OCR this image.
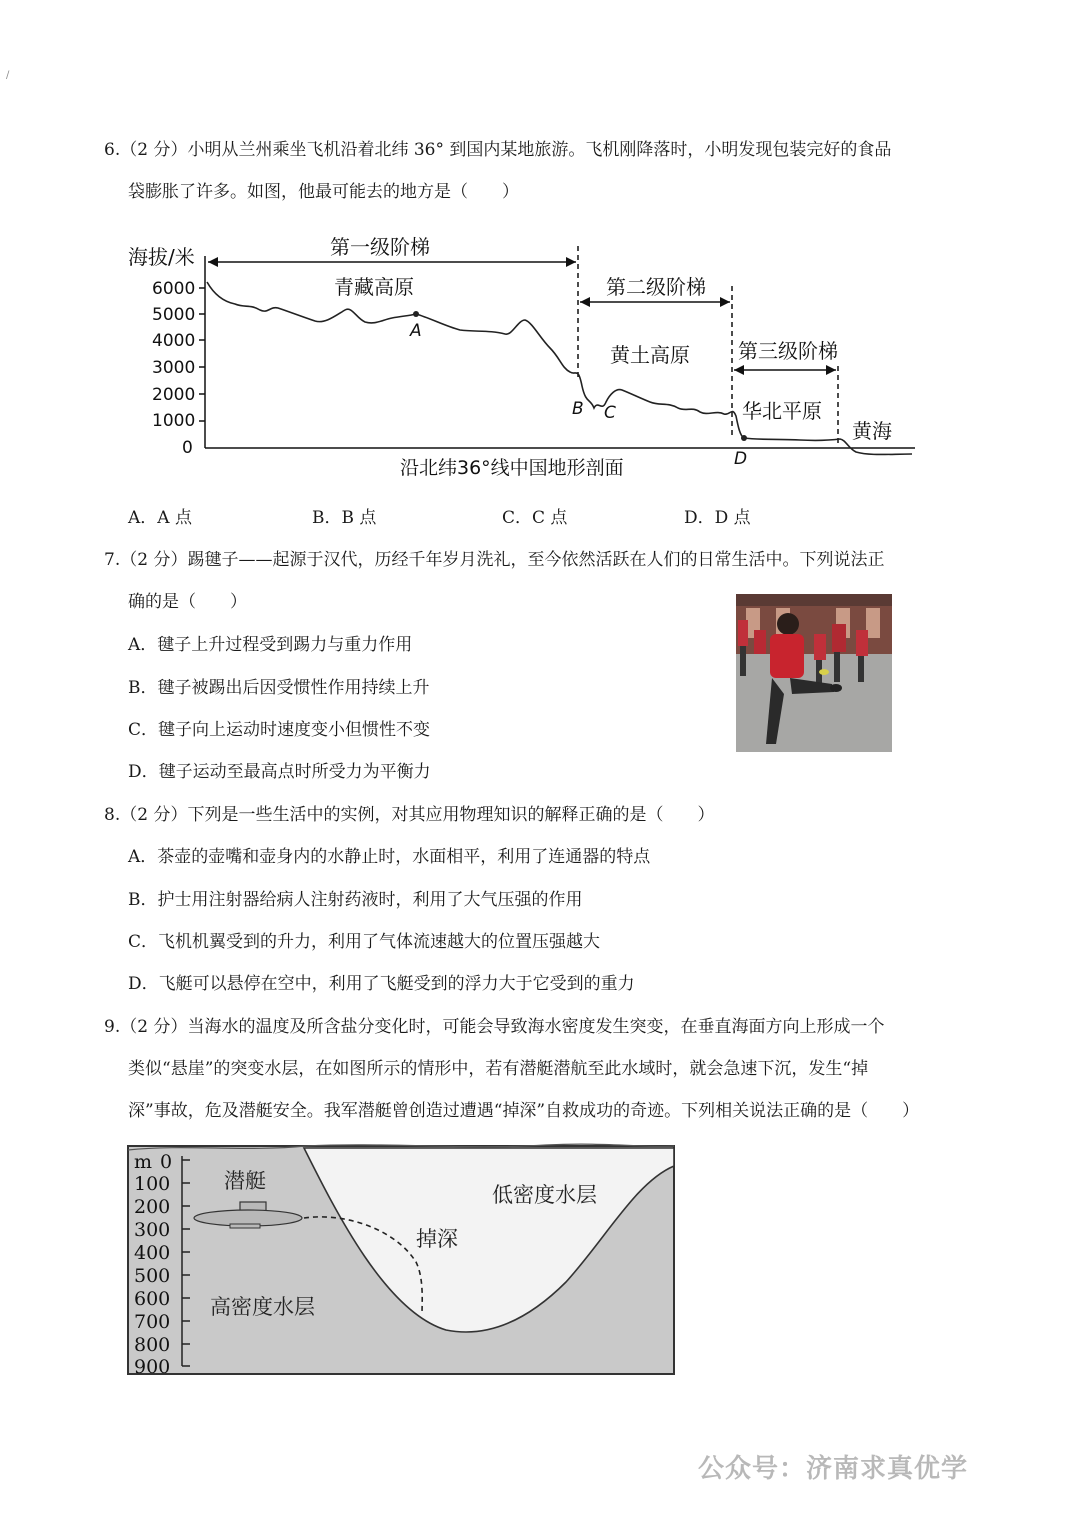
/
6.（2 分）小明从兰州乘坐飞机沿着北纬 36° 到国内某地旅游。飞机刚降落时，小明发现包装完好的食品
袋膨胀了许多。如图，他最可能去的地方是（　　）
海拔/米
6000
5000
4000
3000
2000
1000
0
第一级阶梯
青藏高原	第二级阶梯
黄土高原 第三级阶梯
华北平原
黄海
A
B C
D
沿北纬36°线中国地形剖面
A．A 点	B．B 点	C．C 点	D．D 点
7.（2 分）踢毽子——起源于汉代，历经千年岁月洗礼，至今依然活跃在人们的日常生活中。下列说法正
确的是（　　）
A．毽子上升过程受到踢力与重力作用
B．毽子被踢出后因受惯性作用持续上升
C．毽子向上运动时速度变小但惯性不变
D．毽子运动至最高点时所受力为平衡力
8.（2 分）下列是一些生活中的实例，对其应用物理知识的解释正确的是（　　）
A．茶壶的壶嘴和壶身内的水静止时，水面相平，利用了连通器的特点
B．护士用注射器给病人注射药液时，利用了大气压强的作用
C．飞机机翼受到的升力，利用了气体流速越大的位置压强越大
D．飞艇可以悬停在空中，利用了飞艇受到的浮力大于它受到的重力
9.（2 分）当海水的温度及所含盐分变化时，可能会导致海水密度发生突变，在垂直海面方向上形成一个
类似“悬崖”的突变水层，在如图所示的情形中，若有潜艇潜航至此水域时，就会急速下沉，发生“掉
深”事故，危及潜艇安全。我军潜艇曾创造过遭遇“掉深”自救成功的奇迹。下列相关说法正确的是（　　）
m 0
100
200
300
400
500
600
700
800
900
潜艇
低密度水层
掉深
高密度水层
公众号：济南求真优学
